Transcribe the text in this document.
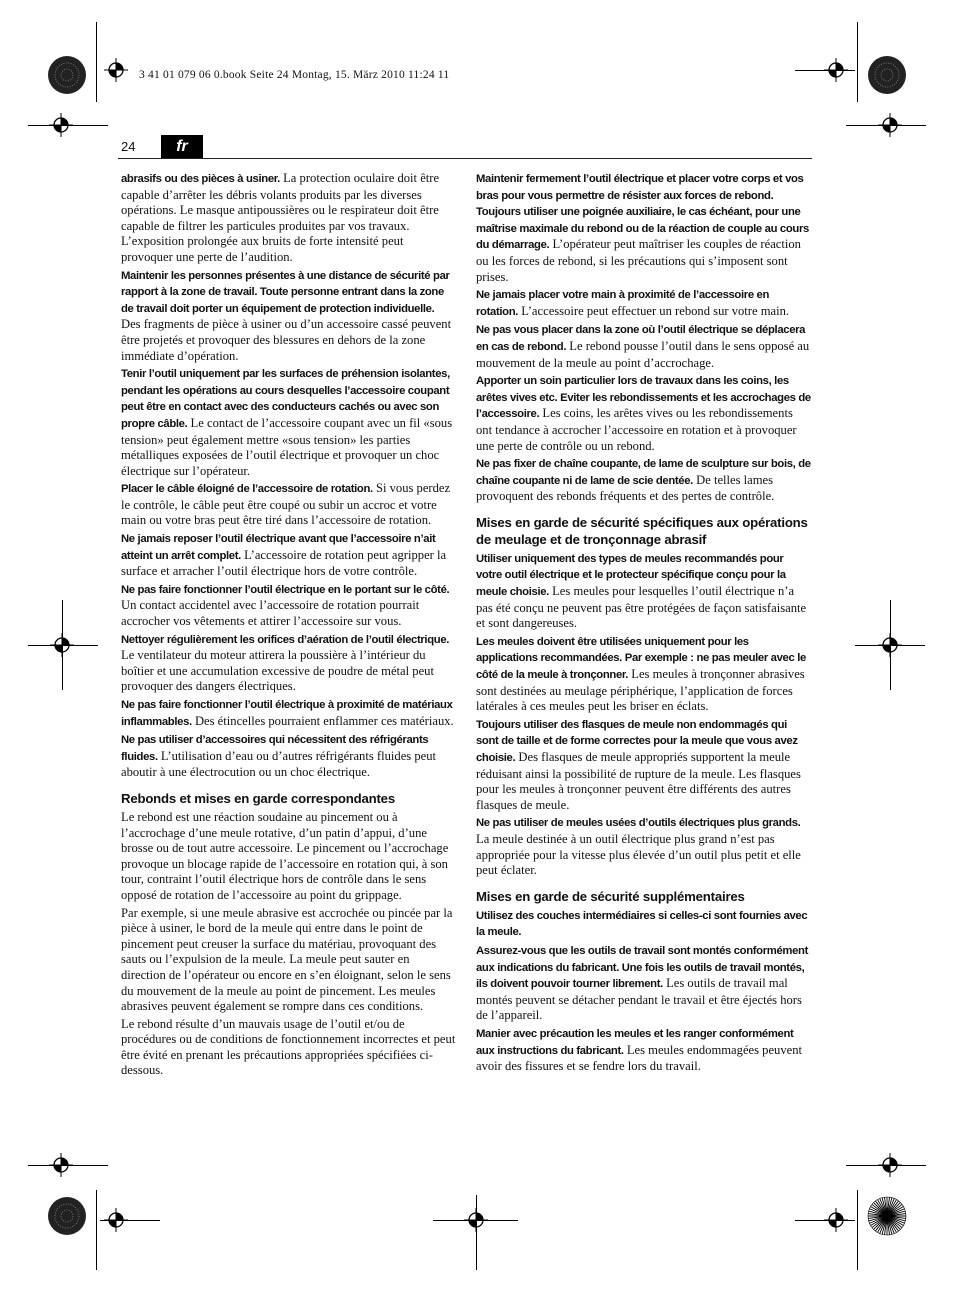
3 41 01 079 06 0.book Seite 24 Montag, 15. März 2010 11:24 11
24	fr

abrasifs ou des pièces à usiner. La protection oculaire doit être capable d’arrêter les débris volants produits par les diverses opérations. Le masque antipoussières ou le respirateur doit être capable de filtrer les particules produites par vos travaux. L’exposition prolongée aux bruits de forte intensité peut provoquer une perte de l’audition.

Maintenir les personnes présentes à une distance de sécurité par rapport à la zone de travail. Toute personne entrant dans la zone de travail doit porter un équipement de protection individuelle. Des fragments de pièce à usiner ou d’un accessoire cassé peuvent être projetés et provoquer des blessures en dehors de la zone immédiate d’opération.

Tenir l’outil uniquement par les surfaces de préhension isolantes, pendant les opérations au cours desquelles l’accessoire coupant peut être en contact avec des conducteurs cachés ou avec son propre câble. Le contact de l’accessoire coupant avec un fil «sous tension» peut également mettre «sous tension» les parties métalliques exposées de l’outil électrique et provoquer un choc électrique sur l’opérateur.

Placer le câble éloigné de l’accessoire de rotation. Si vous perdez le contrôle, le câble peut être coupé ou subir un accroc et votre main ou votre bras peut être tiré dans l’accessoire de rotation.

Ne jamais reposer l’outil électrique avant que l’accessoire n’ait atteint un arrêt complet. L’accessoire de rotation peut agripper la surface et arracher l’outil électrique hors de votre contrôle.

Ne pas faire fonctionner l’outil électrique en le portant sur le côté. Un contact accidentel avec l’accessoire de rotation pourrait accrocher vos vêtements et attirer l’accessoire sur vous.

Nettoyer régulièrement les orifices d’aération de l’outil électrique. Le ventilateur du moteur attirera la poussière à l’intérieur du boîtier et une accumulation excessive de poudre de métal peut provoquer des dangers électriques.

Ne pas faire fonctionner l’outil électrique à proximité de matériaux inflammables. Des étincelles pourraient enflammer ces matériaux.

Ne pas utiliser d’accessoires qui nécessitent des réfrigérants fluides. L’utilisation d’eau ou d’autres réfrigérants fluides peut aboutir à une électrocution ou un choc électrique.

Rebonds et mises en garde correspondantes

Le rebond est une réaction soudaine au pincement ou à l’accrochage d’une meule rotative, d’un patin d’appui, d’une brosse ou de tout autre accessoire. Le pincement ou l’accrochage provoque un blocage rapide de l’accessoire en rotation qui, à son tour, contraint l’outil électrique hors de contrôle dans le sens opposé de rotation de l’accessoire au point du grippage.

Par exemple, si une meule abrasive est accrochée ou pincée par la pièce à usiner, le bord de la meule qui entre dans le point de pincement peut creuser la surface du matériau, provoquant des sauts ou l’expulsion de la meule. La meule peut sauter en direction de l’opérateur ou encore en s’en éloignant, selon le sens du mouvement de la meule au point de pincement. Les meules abrasives peuvent également se rompre dans ces conditions.

Le rebond résulte d’un mauvais usage de l’outil et/ou de procédures ou de conditions de fonctionnement incorrectes et peut être évité en prenant les précautions appropriées spécifiées ci-dessous.

Maintenir fermement l’outil électrique et placer votre corps et vos bras pour vous permettre de résister aux forces de rebond. Toujours utiliser une poignée auxiliaire, le cas échéant, pour une maîtrise maximale du rebond ou de la réaction de couple au cours du démarrage. L’opérateur peut maîtriser les couples de réaction ou les forces de rebond, si les précautions qui s’imposent sont prises.

Ne jamais placer votre main à proximité de l’accessoire en rotation. L’accessoire peut effectuer un rebond sur votre main.

Ne pas vous placer dans la zone où l’outil électrique se déplacera en cas de rebond. Le rebond pousse l’outil dans le sens opposé au mouvement de la meule au point d’accrochage.

Apporter un soin particulier lors de travaux dans les coins, les arêtes vives etc. Eviter les rebondissements et les accrochages de l’accessoire. Les coins, les arêtes vives ou les rebondissements ont tendance à accrocher l’accessoire en rotation et à provoquer une perte de contrôle ou un rebond.

Ne pas fixer de chaîne coupante, de lame de sculpture sur bois, de chaîne coupante ni de lame de scie dentée. De telles lames provoquent des rebonds fréquents et des pertes de contrôle.

Mises en garde de sécurité spécifiques aux opérations de meulage et de tronçonnage abrasif

Utiliser uniquement des types de meules recommandés pour votre outil électrique et le protecteur spécifique conçu pour la meule choisie. Les meules pour lesquelles l’outil électrique n’a pas été conçu ne peuvent pas être protégées de façon satisfaisante et sont dangereuses.

Les meules doivent être utilisées uniquement pour les applications recommandées. Par exemple : ne pas meuler avec le côté de la meule à tronçonner. Les meules à tronçonner abrasives sont destinées au meulage périphérique, l’application de forces latérales à ces meules peut les briser en éclats.

Toujours utiliser des flasques de meule non endommagés qui sont de taille et de forme correctes pour la meule que vous avez choisie. Des flasques de meule appropriés supportent la meule réduisant ainsi la possibilité de rupture de la meule. Les flasques pour les meules à tronçonner peuvent être différents des autres flasques de meule.

Ne pas utiliser de meules usées d’outils électriques plus grands. La meule destinée à un outil électrique plus grand n’est pas appropriée pour la vitesse plus élevée d’un outil plus petit et elle peut éclater.

Mises en garde de sécurité supplémentaires

Utilisez des couches intermédiaires si celles-ci sont fournies avec la meule.

Assurez-vous que les outils de travail sont montés conformément aux indications du fabricant. Une fois les outils de travail montés, ils doivent pouvoir tourner librement. Les outils de travail mal montés peuvent se détacher pendant le travail et être éjectés hors de l’appareil.

Manier avec précaution les meules et les ranger conformément aux instructions du fabricant. Les meules endommagées peuvent avoir des fissures et se fendre lors du travail.
